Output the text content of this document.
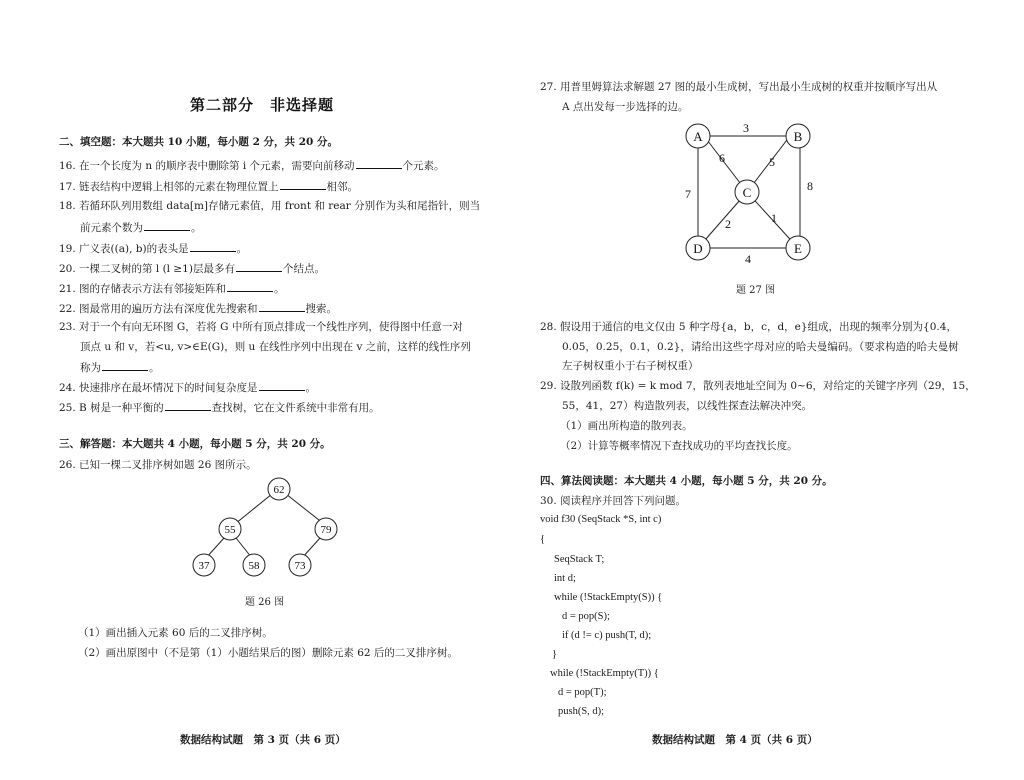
第二部分　非选择题
二、填空题：本大题共 10 小题，每小题 2 分，共 20 分。
16. 在一个长度为 n 的顺序表中删除第 i 个元素，需要向前移动	个元素。
17. 链表结构中逻辑上相邻的元素在物理位置上	相邻。
18. 若循环队列用数组 data[m]存储元素值，用 front 和 rear 分别作为头和尾指针，则当
前元素个数为	。
19. 广义表((a), b)的表头是	。
20. 一棵二叉树的第 l (l ≥1)层最多有	个结点。
21. 图的存储表示方法有邻接矩阵和	。
22. 图最常用的遍历方法有深度优先搜索和	搜索。
23. 对于一个有向无环图 G，若将 G 中所有顶点排成一个线性序列，使得图中任意一对
顶点 u 和 v，若<u, v>∈E(G)，则 u 在线性序列中出现在 v 之前，这样的线性序列
称为	。
24. 快速排序在最坏情况下的时间复杂度是	。
25. B 树是一种平衡的	查找树，它在文件系统中非常有用。
三、解答题：本大题共 4 小题，每小题 5 分，共 20 分。
26. 已知一棵二叉排序树如题 26 图所示。
62
55	79
37	58	73
题 26 图
（1）画出插入元素 60 后的二叉排序树。
（2）画出原图中（不是第（1）小题结果后的图）删除元素 62 后的二叉排序树。
数据结构试题　第 3 页（共 6 页）
27. 用普里姆算法求解题 27 图的最小生成树，写出最小生成树的权重并按顺序写出从
A 点出发每一步选择的边。
A	B
C
D	E
3
6	5
7
8
2	1
4
题 27 图
28. 假设用于通信的电文仅由 5 种字母{a，b，c，d，e}组成，出现的频率分别为{0.4，
0.05，0.25，0.1，0.2}，请给出这些字母对应的哈夫曼编码。（要求构造的哈夫曼树
左子树权重小于右子树权重）
29. 设散列函数 f(k) = k mod 7，散列表地址空间为 0~6，对给定的关键字序列（29，15，
55，41，27）构造散列表，以线性探查法解决冲突。
（1）画出所构造的散列表。
（2）计算等概率情况下查找成功的平均查找长度。
四、算法阅读题：本大题共 4 小题，每小题 5 分，共 20 分。
30. 阅读程序并回答下列问题。
void f30 (SeqStack *S, int c)
{
SeqStack T;
int d;
while (!StackEmpty(S)) {
d = pop(S);
if (d != c) push(T, d);
}
while (!StackEmpty(T)) {
d = pop(T);
push(S, d);
数据结构试题　第 4 页（共 6 页）
